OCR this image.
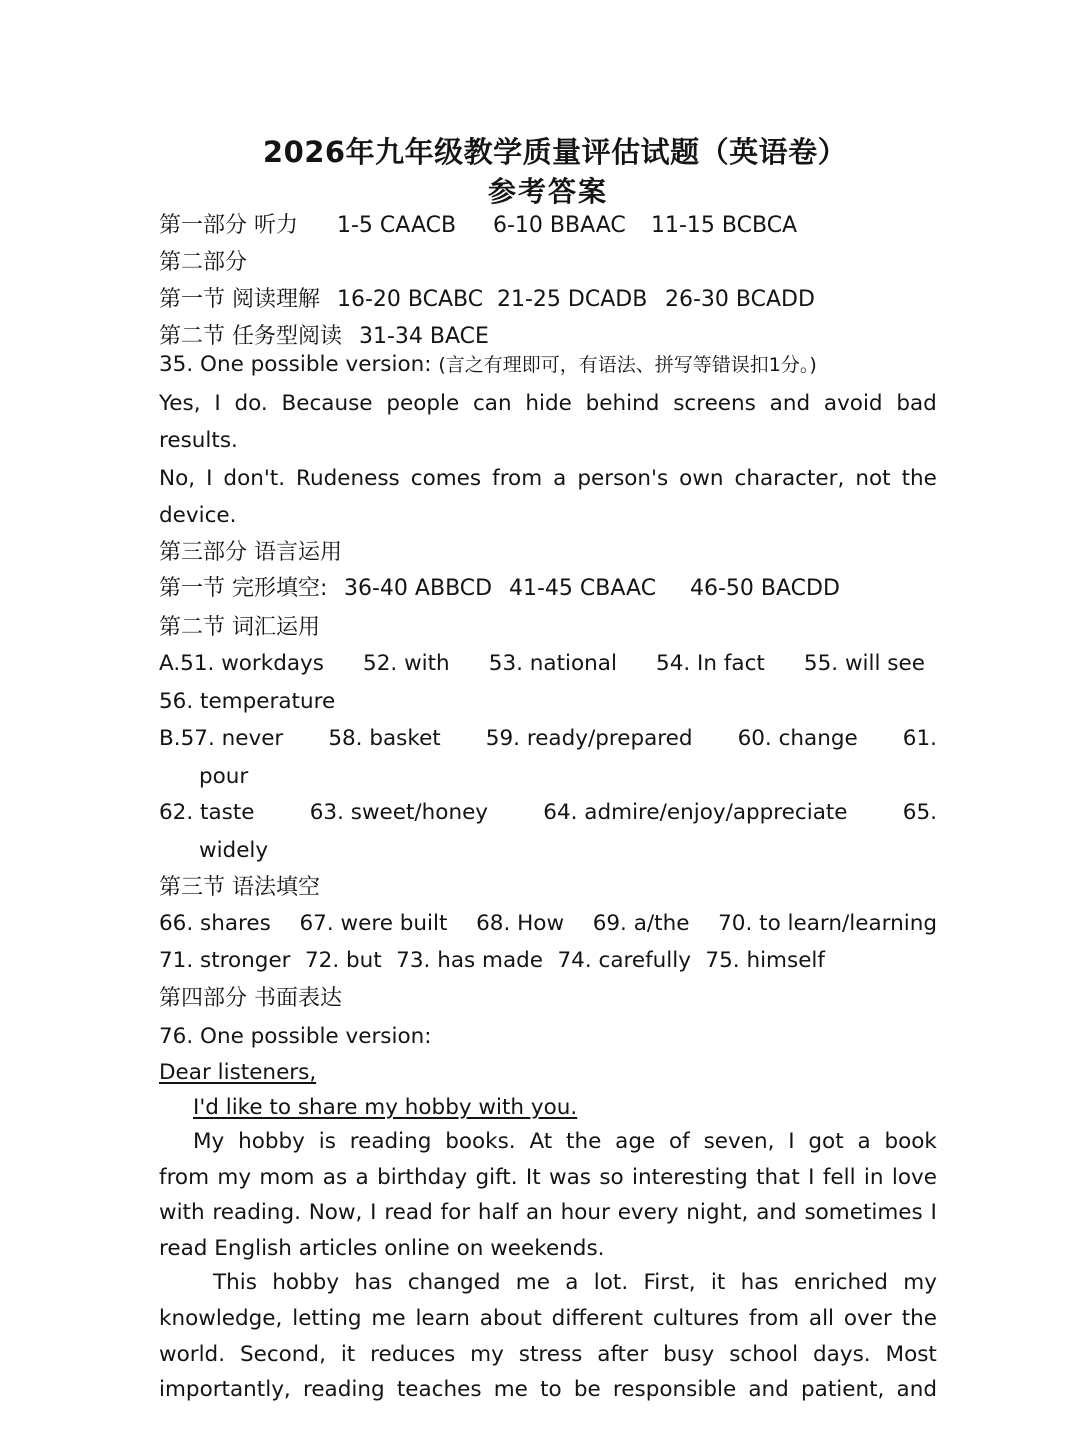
2026年九年级教学质量评估试题（英语卷）
参考答案
第一部分 听力 1-5 CAACB 6-10 BBAAC 11-15 BCBCA
第二部分
第一节 阅读理解 16-20 BCABC 21-25 DCADB 26-30 BCADD
第二节 任务型阅读 31-34 BACE
35. One possible version: (言之有理即可，有语法、拼写等错误扣1分。)
Yes, I do. Because people can hide behind screens and avoid bad
results.
No, I don't. Rudeness comes from a person's own character, not the
device.
第三部分 语言运用
第一节 完形填空: 36-40 ABBCD 41-45 CBAAC 46-50 BACDD
第二节 词汇运用
A.51. workdays 52. with 53. national 54. In fact 55. will see
56. temperature
B.57. never 58. basket 59. ready/prepared 60. change 61.
pour
62. taste	63. sweet/honey	64. admire/enjoy/appreciate	65.
widely
第三节 语法填空
66. shares 67. were built 68. How 69. a/the 70. to learn/learning
71. stronger 72. but 73. has made 74. carefully 75. himself
第四部分 书面表达
76. One possible version:
Dear listeners,
I'd like to share my hobby with you.
My hobby is reading books. At the age of seven, I got a book
from my mom as a birthday gift. It was so interesting that I fell in love
with reading. Now, I read for half an hour every night, and sometimes I
read English articles online on weekends.
This hobby has changed me a lot. First, it has enriched my
knowledge, letting me learn about different cultures from all over the
world. Second, it reduces my stress after busy school days. Most
importantly, reading teaches me to be responsible and patient, and
